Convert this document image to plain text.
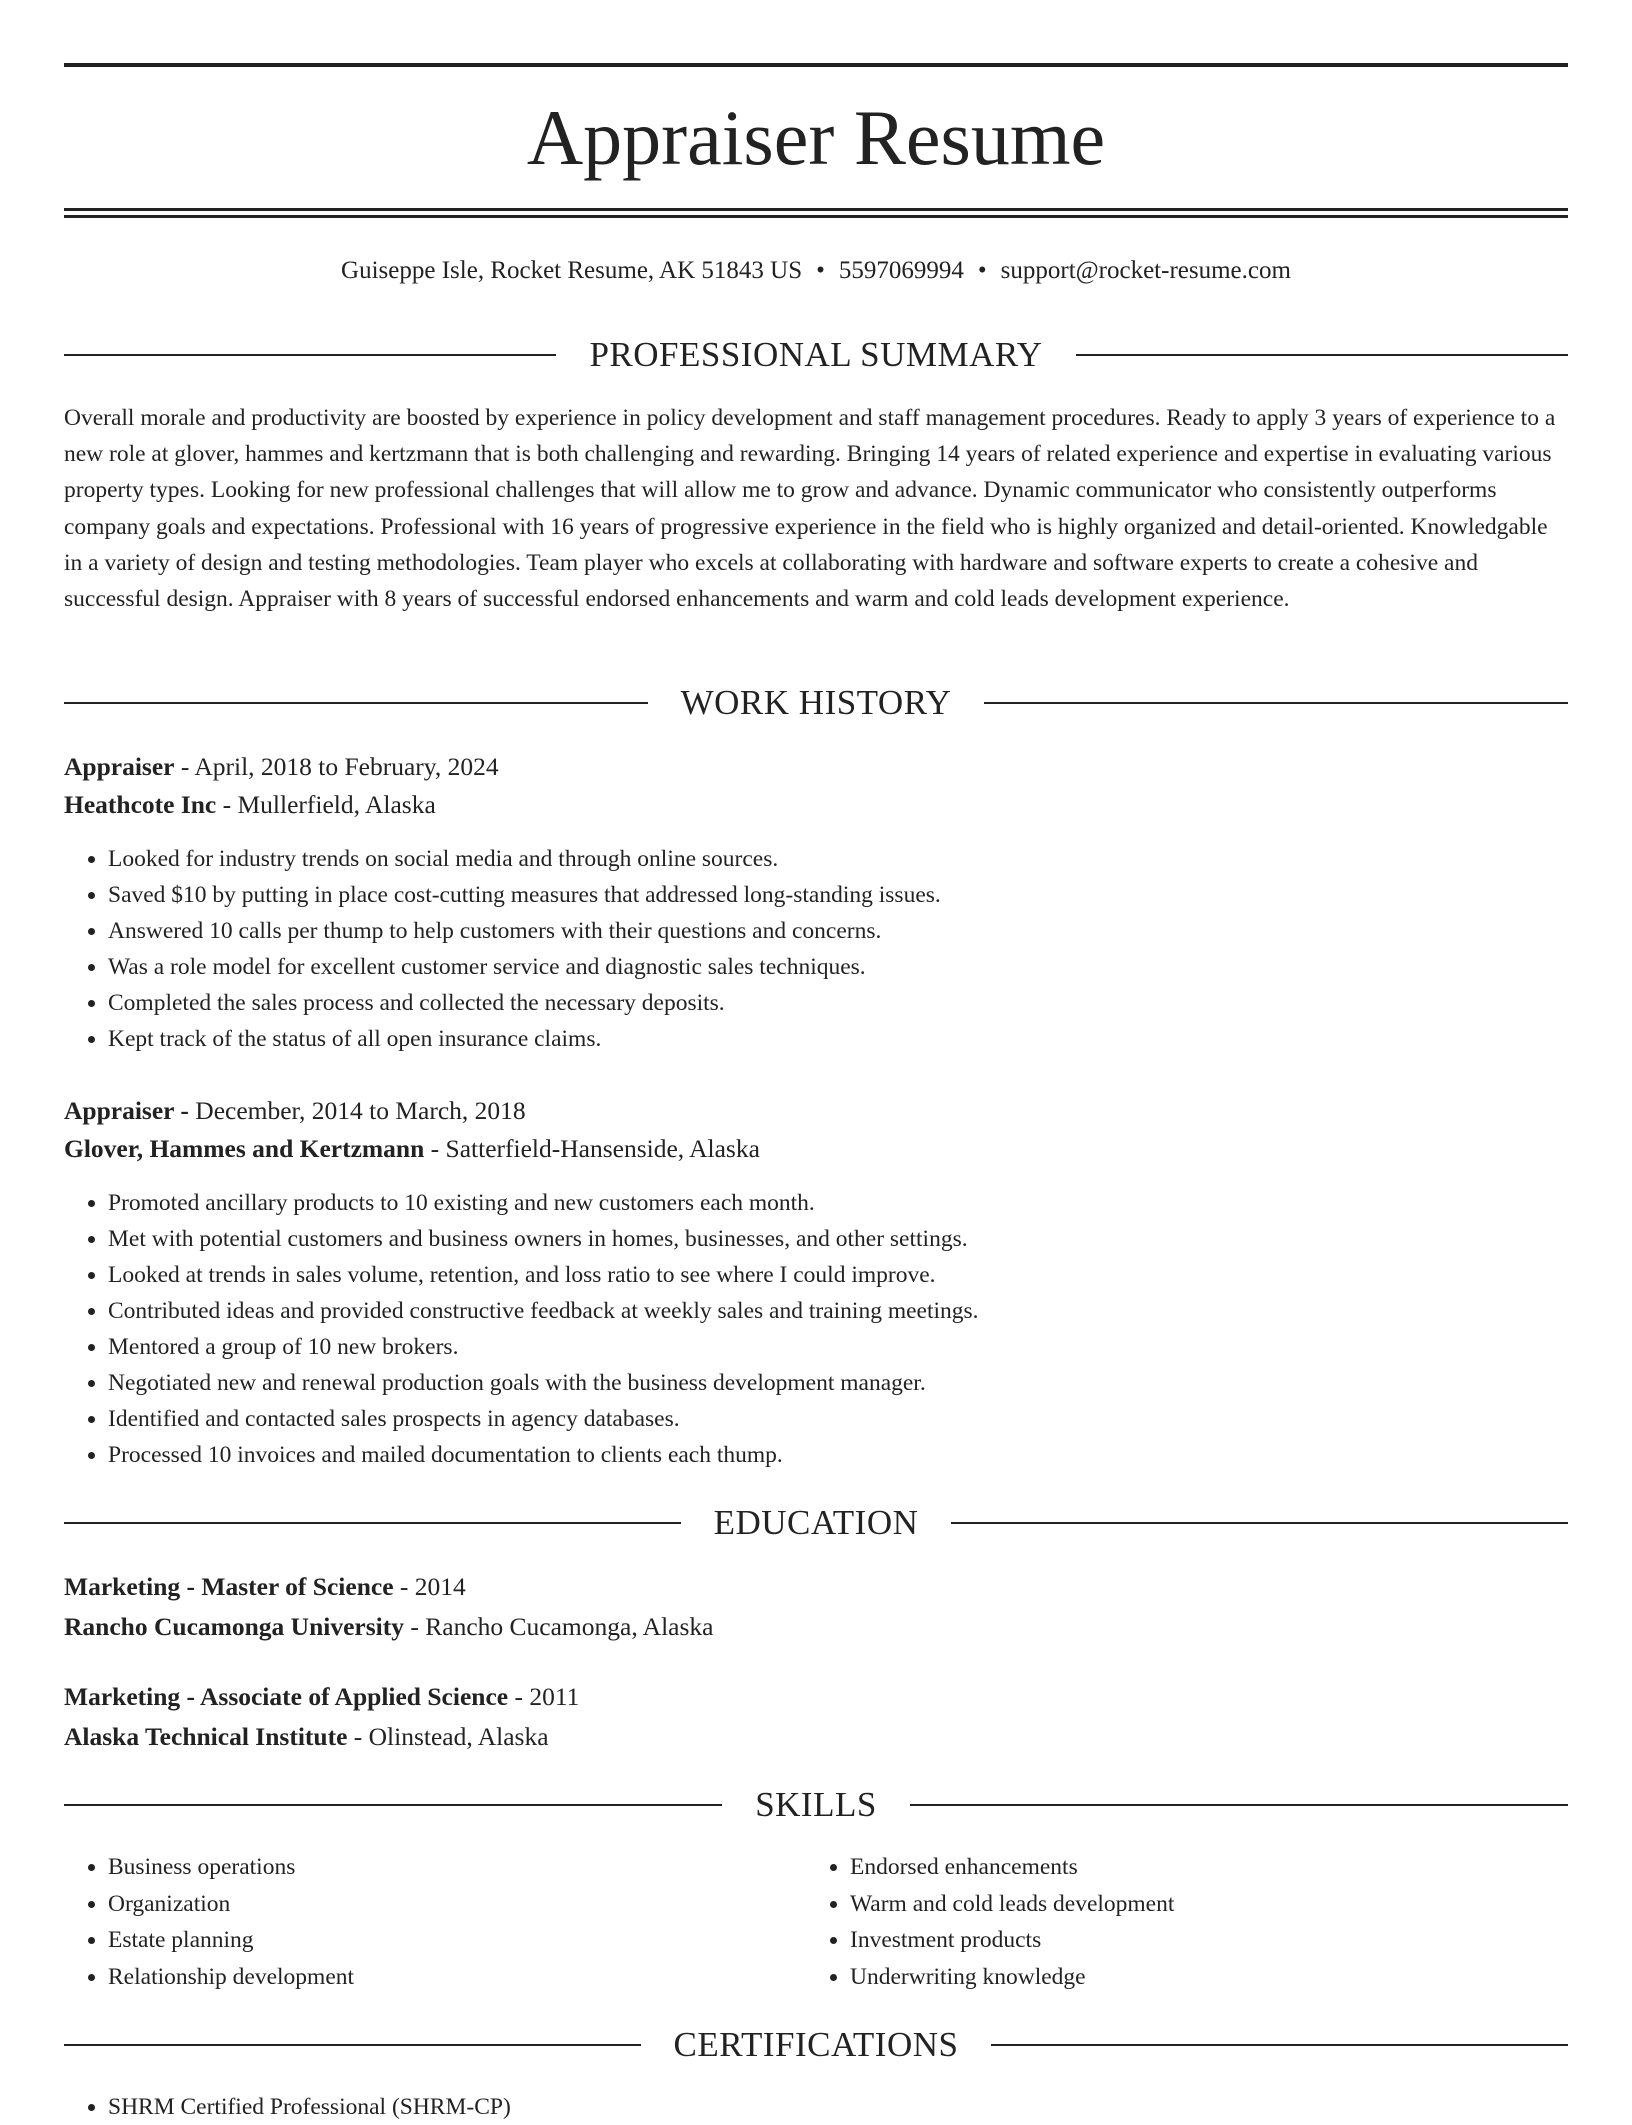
Appraiser Resume
Guiseppe Isle, Rocket Resume, AK 51843 US • 5597069994 • support@rocket-resume.com
PROFESSIONAL SUMMARY

Overall morale and productivity are boosted by experience in policy development and staff management procedures. Ready to apply 3 years of experience to a new role at glover, hammes and kertzmann that is both challenging and rewarding. Bringing 14 years of related experience and expertise in evaluating various property types. Looking for new professional challenges that will allow me to grow and advance. Dynamic communicator who consistently outperforms company goals and expectations. Professional with 16 years of progressive experience in the field who is highly organized and detail-oriented. Knowledgable in a variety of design and testing methodologies. Team player who excels at collaborating with hardware and software experts to create a cohesive and successful design. Appraiser with 8 years of successful endorsed enhancements and warm and cold leads development experience.

WORK HISTORY
Appraiser - April, 2018 to February, 2024
Heathcote Inc - Mullerfield, Alaska
• Looked for industry trends on social media and through online sources.
• Saved $10 by putting in place cost-cutting measures that addressed long-standing issues.
• Answered 10 calls per thump to help customers with their questions and concerns.
• Was a role model for excellent customer service and diagnostic sales techniques.
• Completed the sales process and collected the necessary deposits.
• Kept track of the status of all open insurance claims.
Appraiser - December, 2014 to March, 2018
Glover, Hammes and Kertzmann - Satterfield-Hansenside, Alaska
• Promoted ancillary products to 10 existing and new customers each month.
• Met with potential customers and business owners in homes, businesses, and other settings.
• Looked at trends in sales volume, retention, and loss ratio to see where I could improve.
• Contributed ideas and provided constructive feedback at weekly sales and training meetings.
• Mentored a group of 10 new brokers.
• Negotiated new and renewal production goals with the business development manager.
• Identified and contacted sales prospects in agency databases.
• Processed 10 invoices and mailed documentation to clients each thump.
EDUCATION
Marketing - Master of Science - 2014
Rancho Cucamonga University - Rancho Cucamonga, Alaska
Marketing - Associate of Applied Science - 2011
Alaska Technical Institute - Olinstead, Alaska
SKILLS
• Business operations
• Organization
• Estate planning
• Relationship development
• Endorsed enhancements
• Warm and cold leads development
• Investment products
• Underwriting knowledge
CERTIFICATIONS
• SHRM Certified Professional (SHRM-CP)
